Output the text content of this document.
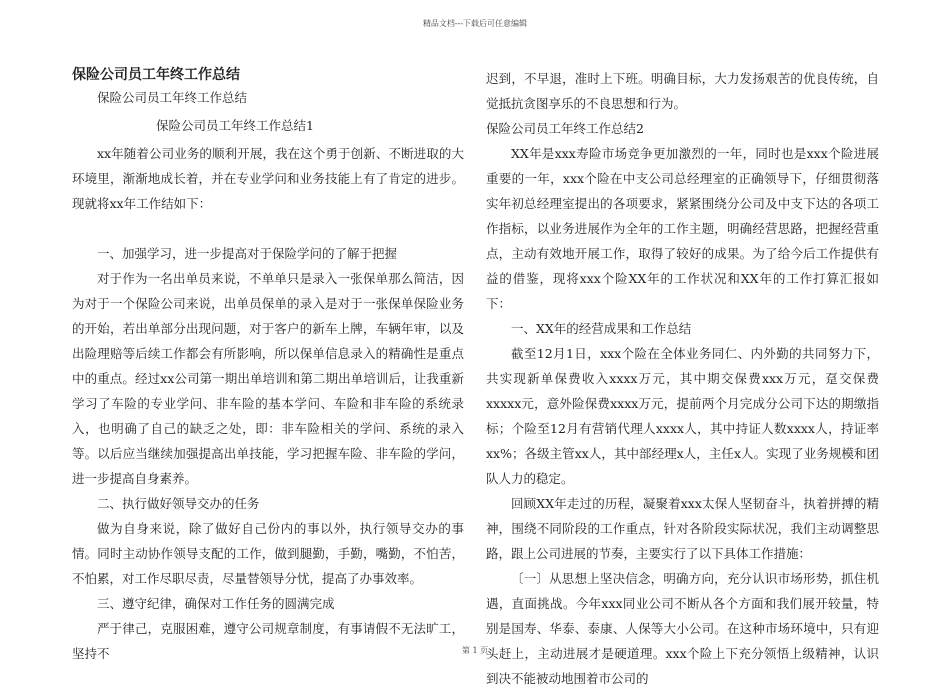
精品文档---下载后可任意编辑

保险公司员工年终工作总结

保险公司员工年终工作总结

保险公司员工年终工作总结1

xx年随着公司业务的顺利开展，我在这个勇于创新、不断进取的大环境里，渐渐地成长着，并在专业学问和业务技能上有了肯定的进步。现就将xx年工作结如下：

一、加强学习，进一步提高对于保险学问的了解于把握

对于作为一名出单员来说，不单单只是录入一张保单那么简洁，因为对于一个保险公司来说，出单员保单的录入是对于一张保单保险业务的开始，若出单部分出现问题，对于客户的新车上牌，车辆年审，以及出险理赔等后续工作都会有所影响，所以保单信息录入的精确性是重点中的重点。经过xx公司第一期出单培训和第二期出单培训后，让我重新学习了车险的专业学问、非车险的基本学问、车险和非车险的系统录入，也明确了自己的缺乏之处，即：非车险相关的学问、系统的录入等。以后应当继续加强提高出单技能，学习把握车险、非车险的学问，进一步提高自身素养。

二、执行做好领导交办的任务

做为自身来说，除了做好自己份内的事以外，执行领导交办的事情。同时主动协作领导支配的工作，做到腿勤，手勤，嘴勤，不怕苦，不怕累，对工作尽职尽责，尽量替领导分忧，提高了办事效率。

三、遵守纪律，确保对工作任务的圆满完成

严于律己，克服困难，遵守公司规章制度，有事请假不无法旷工，坚持不

迟到，不早退，准时上下班。明确目标，大力发扬艰苦的优良传统，自觉抵抗贪图享乐的不良思想和行为。

保险公司员工年终工作总结2

XX年是xxx寿险市场竞争更加激烈的一年，同时也是xxx个险进展重要的一年，xxx个险在中支公司总经理室的正确领导下，仔细贯彻落实年初总经理室提出的各项要求，紧紧围绕分公司及中支下达的各项工作指标，以业务进展作为全年的工作主题，明确经营思路，把握经营重点，主动有效地开展工作，取得了较好的成果。为了给今后工作提供有益的借鉴，现将xxx个险XX年的工作状况和XX年的工作打算汇报如下：

一、XX年的经营成果和工作总结

截至12月1日，xxx个险在全体业务同仁、内外勤的共同努力下，共实现新单保费收入xxxx万元，其中期交保费xxx万元，趸交保费xxxxx元，意外险保费xxxx万元，提前两个月完成分公司下达的期缴指标；个险至12月有营销代理人xxxx人，其中持证人数xxxx人，持证率xx%；各级主管xx人，其中部经理x人，主任x人。实现了业务规模和团队人力的稳定。

回顾XX年走过的历程，凝聚着xxx太保人坚韧奋斗，执着拼搏的精神，围绕不同阶段的工作重点，针对各阶段实际状况，我们主动调整思路，跟上公司进展的节奏，主要实行了以下具体工作措施：

〔一〕从思想上坚决信念，明确方向，充分认识市场形势，抓住机遇，直面挑战。今年xxx同业公司不断从各个方面和我们展开较量，特别是国寿、华泰、泰康、人保等大小公司。在这种市场环境中，只有迎头赶上，主动进展才是硬道理。xxx个险上下充分领悟上级精神，认识到决不能被动地围着市公司的

第 1 页
